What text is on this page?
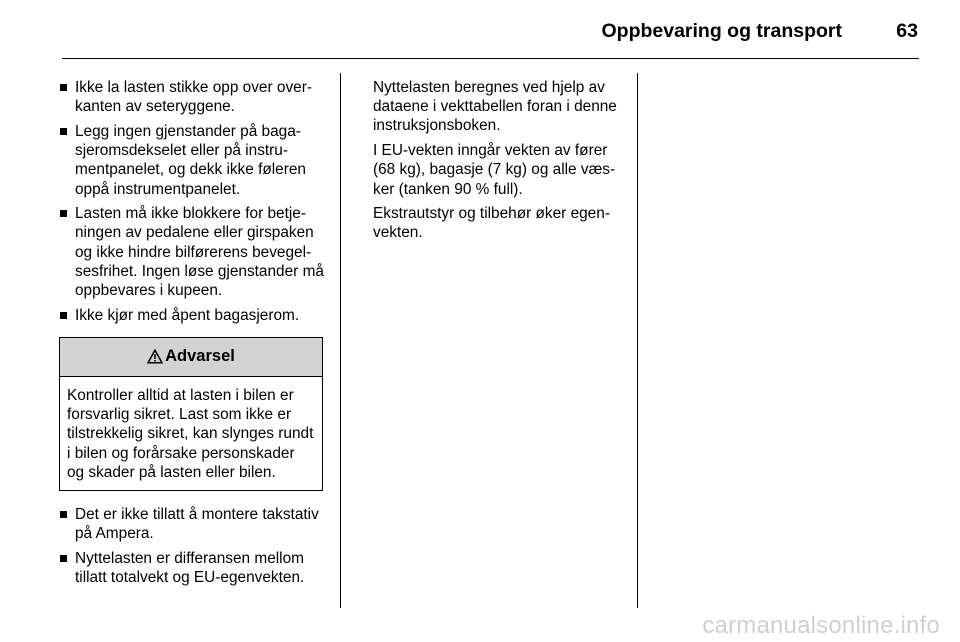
Oppbevaring og transport	63
Ikke la lasten stikke opp over overkanten av seteryggene.
Legg ingen gjenstander på bagasjeromsdekselet eller på instrumentpanelet, og dekk ikke føleren oppå instrumentpanelet.
Lasten må ikke blokkere for betjeningen av pedalene eller girspaken og ikke hindre bilførerens bevegelsesfrihet. Ingen løse gjenstander må oppbevares i kupeen.
Ikke kjør med åpent bagasjerom.
Advarsel
Kontroller alltid at lasten i bilen er forsvarlig sikret. Last som ikke er tilstrekkelig sikret, kan slynges rundt i bilen og forårsake personskader og skader på lasten eller bilen.
Det er ikke tillatt å montere takstativ på Ampera.
Nyttelasten er differansen mellom tillatt totalvekt og EU-egenvekten.

Nyttelasten beregnes ved hjelp av dataene i vekttabellen foran i denne instruksjonsboken.

I EU-vekten inngår vekten av fører (68 kg), bagasje (7 kg) og alle væsker (tanken 90 % full).

Ekstrautstyr og tilbehør øker egenvekten.

carmanualsonline.info
